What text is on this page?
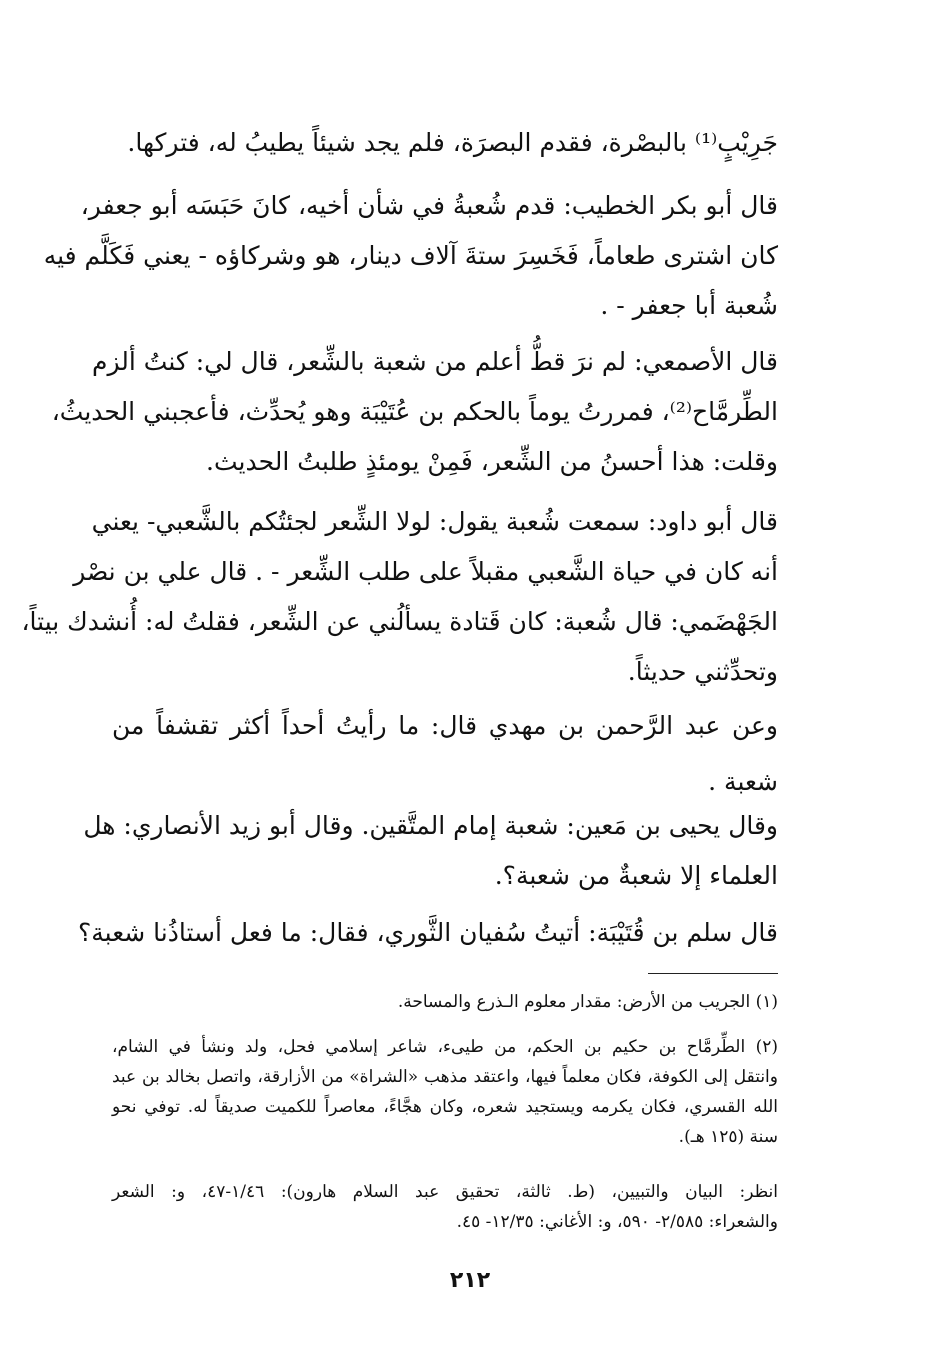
جَرِيْبٍ⁽¹⁾ بالبصْرة، فقدم البصرَة، فلم يجد شيئاً يطيبُ له، فتركها.
قال أبو بكر الخطيب: قدم شُعبةُ في شأن أخيه، كانَ حَبَسَه أبو جعفر،
كان اشترى طعاماً، فَخَسِرَ ستةَ آلاف دينار، هو وشركاؤه - يعني فَكَلَّم فيه
شُعبة أبا جعفر - .
قال الأصمعي: لم نرَ قطُّ أعلم من شعبة بالشِّعر، قال لي: كنتُ ألزم
الطِّرمَّاح⁽²⁾، فمررتُ يوماً بالحكم بن عُتَيْبَة وهو يُحدِّث، فأعجبني الحديثُ،
وقلت: هذا أحسنُ من الشِّعر، فَمِنْ يومئذٍ طلبتُ الحديث.
قال أبو داود: سمعت شُعبة يقول: لولا الشِّعر لجئتُكم بالشَّعبي- يعني
أنه كان في حياة الشَّعبي مقبلاً على طلب الشِّعر - . قال علي بن نصْر
الجَهْضَمي: قال شُعبة: كان قَتادة يسألُني عن الشِّعر، فقلتُ له: أُنشدك بيتاً،
وتحدِّثني حديثاً.
وعن عبد الرَّحمن بن مهدي قال: ما رأيتُ أحداً أكثر تقشفاً من
شعبة .
وقال يحيى بن مَعين: شعبة إمام المتَّقين. وقال أبو زيد الأنصاري: هل
العلماء إلا شعبةٌ من شعبة؟.
قال سلم بن قُتَيْبَة: أتيتُ سُفيان الثَّوري، فقال: ما فعل أستاذُنا شعبة؟
(١) الجريب من الأرض: مقدار معلوم الـذرع والمساحة.
(٢) الطِّرمَّاح بن حكيم بن الحكم، من طيىء، شاعر إسلامي فحل، ولد ونشأ في الشام،
وانتقل إلى الكوفة، فكان معلماً فيها، واعتقد مذهب «الشراة» من الأزارقة، واتصل بخالد بن عبد
الله القسري، فكان يكرمه ويستجيد شعره، وكان هجَّاءً، معاصراً للكميت صديقاً له. توفي نحو
سنة (١٢٥ هـ).
انظر: البيان والتبيين، (ط. ثالثة، تحقيق عبد السلام هارون): ١/٤٦-٤٧، و: الشعر
والشعراء: ٢/٥٨٥- ٥٩٠، و: الأغاني: ١٢/٣٥- ٤٥.
٢١٢
